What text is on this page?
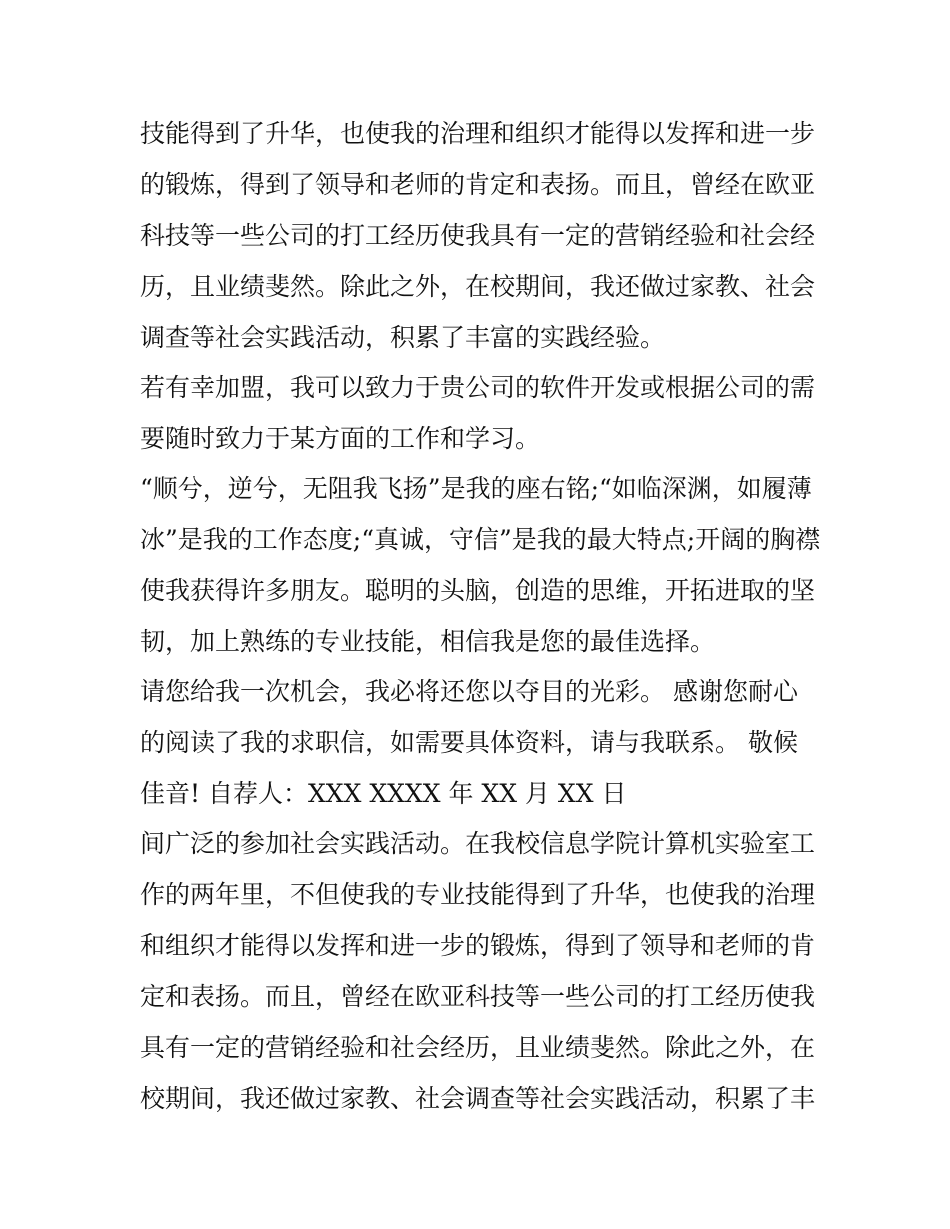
技能得到了升华，也使我的治理和组织才能得以发挥和进一步
的锻炼，得到了领导和老师的肯定和表扬。而且，曾经在欧亚
科技等一些公司的打工经历使我具有一定的营销经验和社会经
历，且业绩斐然。除此之外，在校期间，我还做过家教、社会
调查等社会实践活动，积累了丰富的实践经验。
若有幸加盟，我可以致力于贵公司的软件开发或根据公司的需
要随时致力于某方面的工作和学习。
“顺兮，逆兮，无阻我飞扬”是我的座右铭;“如临深渊，如履薄
冰”是我的工作态度;“真诚，守信”是我的最大特点;开阔的胸襟
使我获得许多朋友。聪明的头脑，创造的思维，开拓进取的坚
韧，加上熟练的专业技能，相信我是您的最佳选择。
请您给我一次机会，我必将还您以夺目的光彩。 感谢您耐心
的阅读了我的求职信，如需要具体资料，请与我联系。 敬候
佳音! 自荐人：XXX XXXX 年 XX 月 XX 日
间广泛的参加社会实践活动。在我校信息学院计算机实验室工
作的两年里，不但使我的专业技能得到了升华，也使我的治理
和组织才能得以发挥和进一步的锻炼，得到了领导和老师的肯
定和表扬。而且，曾经在欧亚科技等一些公司的打工经历使我
具有一定的营销经验和社会经历，且业绩斐然。除此之外，在
校期间，我还做过家教、社会调查等社会实践活动，积累了丰
